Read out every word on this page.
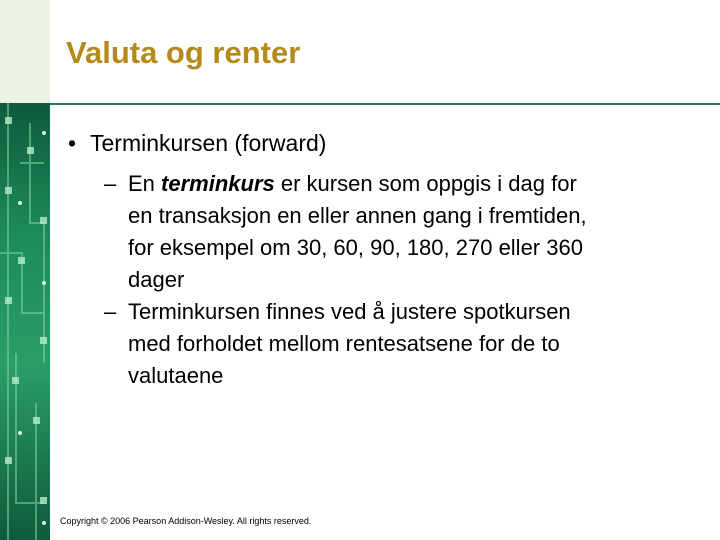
Valuta og renter
• Terminkursen (forward)
– En terminkurs er kursen som oppgis i dag for
en transaksjon en eller annen gang i fremtiden,
for eksempel om 30, 60, 90, 180, 270 eller 360
dager
– Terminkursen finnes ved å justere spotkursen
med forholdet mellom rentesatsene for de to
valutaene
Copyright © 2006 Pearson Addison-Wesley. All rights reserved.
